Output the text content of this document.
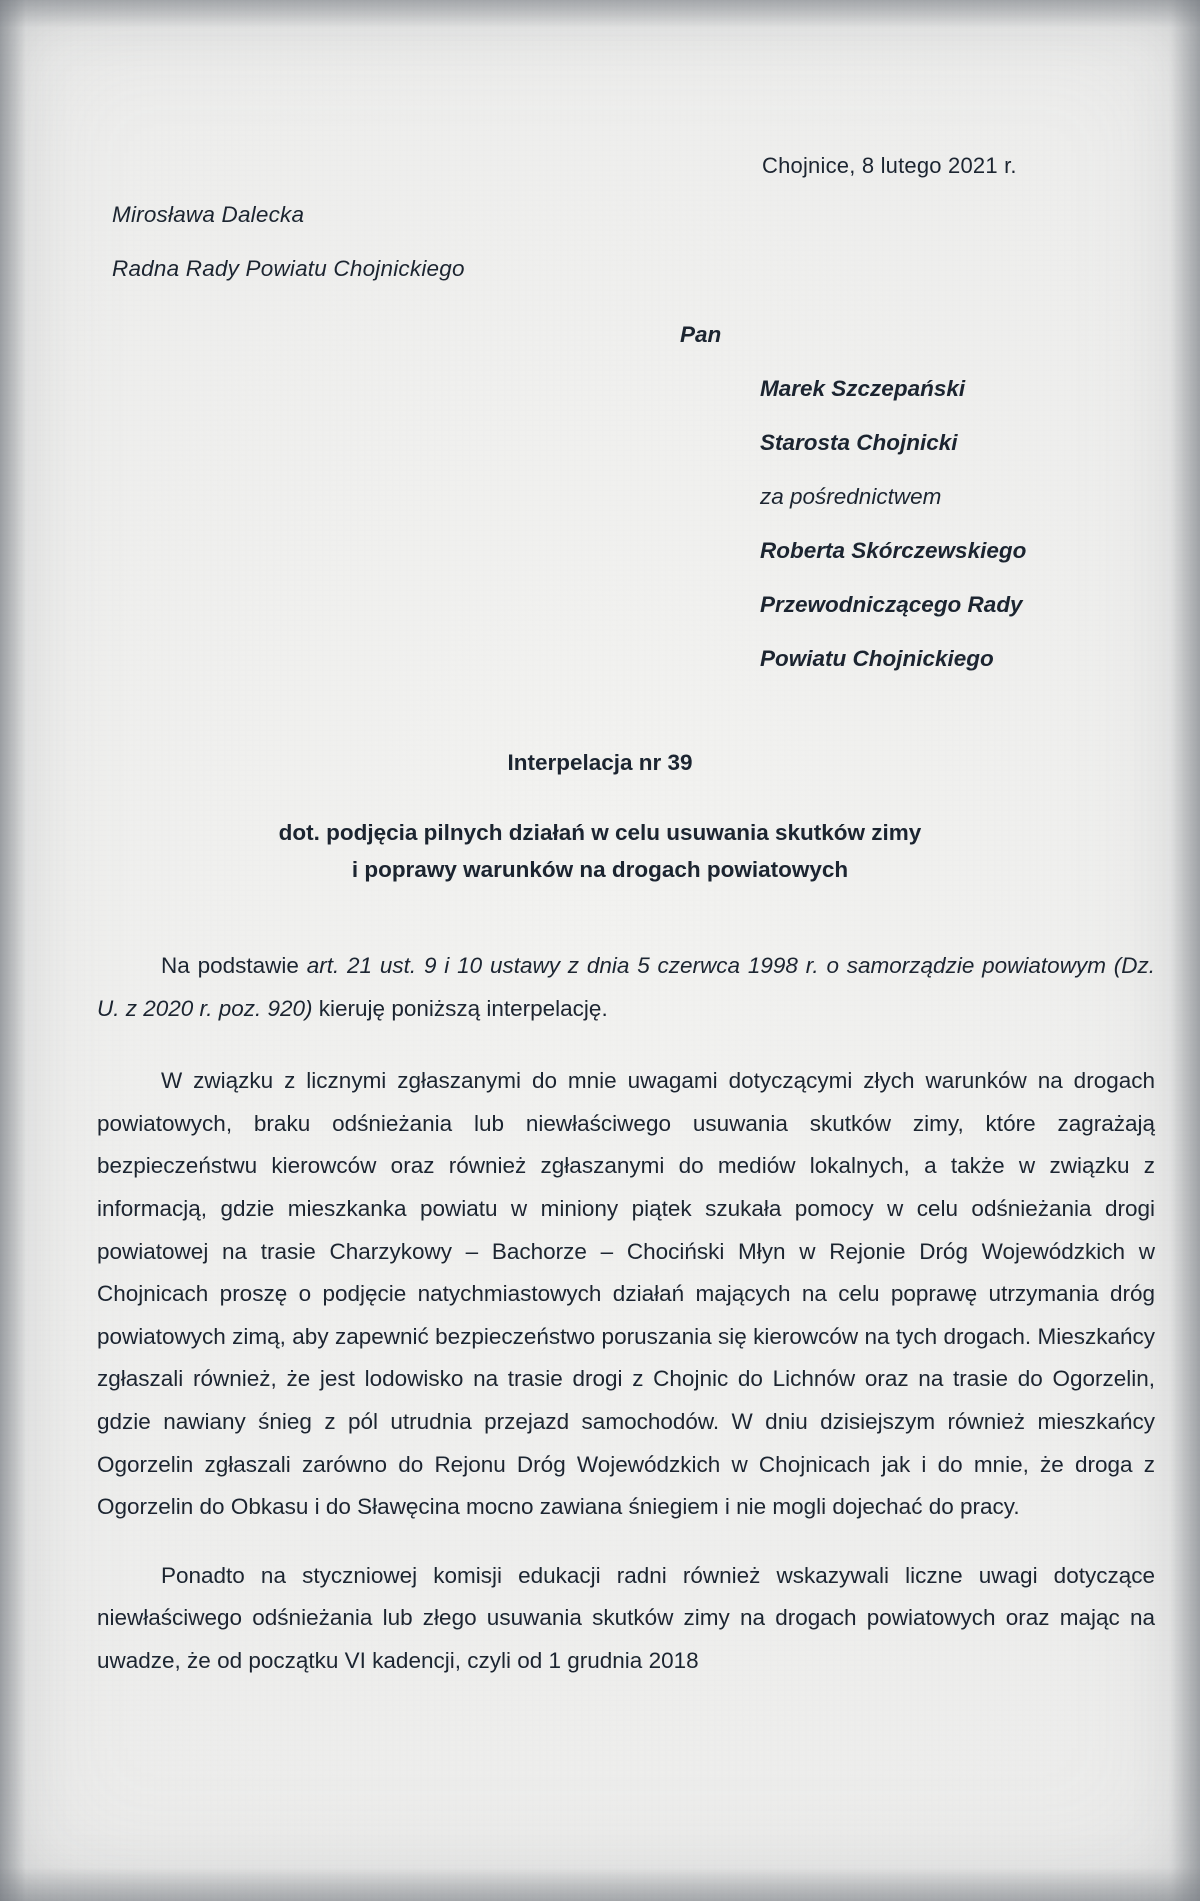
Chojnice, 8 lutego 2021 r.
Mirosława Dalecka
Radna Rady Powiatu Chojnickiego
Pan
Marek Szczepański
Starosta Chojnicki
za pośrednictwem
Roberta Skórczewskiego
Przewodniczącego Rady
Powiatu Chojnickiego
Interpelacja nr 39
dot. podjęcia pilnych działań w celu usuwania skutków zimy
i poprawy warunków na drogach powiatowych

Na podstawie art. 21 ust. 9 i 10 ustawy z dnia 5 czerwca 1998 r. o samorządzie powiatowym (Dz. U. z 2020 r. poz. 920) kieruję poniższą interpelację.

W związku z licznymi zgłaszanymi do mnie uwagami dotyczącymi złych warunków na drogach powiatowych, braku odśnieżania lub niewłaściwego usuwania skutków zimy, które zagrażają bezpieczeństwu kierowców oraz również zgłaszanymi do mediów lokalnych, a także w związku z informacją, gdzie mieszkanka powiatu w miniony piątek szukała pomocy w celu odśnieżania drogi powiatowej na trasie Charzykowy – Bachorze – Chociński Młyn w Rejonie Dróg Wojewódzkich w Chojnicach proszę o podjęcie natychmiastowych działań mających na celu poprawę utrzymania dróg powiatowych zimą, aby zapewnić bezpieczeństwo poruszania się kierowców na tych drogach. Mieszkańcy zgłaszali również, że jest lodowisko na trasie drogi z Chojnic do Lichnów oraz na trasie do Ogorzelin, gdzie nawiany śnieg z pól utrudnia przejazd samochodów. W dniu dzisiejszym również mieszkańcy Ogorzelin zgłaszali zarówno do Rejonu Dróg Wojewódzkich w Chojnicach jak i do mnie, że droga z Ogorzelin do Obkasu i do Sławęcina mocno zawiana śniegiem i nie mogli dojechać do pracy.

Ponadto na styczniowej komisji edukacji radni również wskazywali liczne uwagi dotyczące niewłaściwego odśnieżania lub złego usuwania skutków zimy na drogach powiatowych oraz mając na uwadze, że od początku VI kadencji, czyli od 1 grudnia 2018
